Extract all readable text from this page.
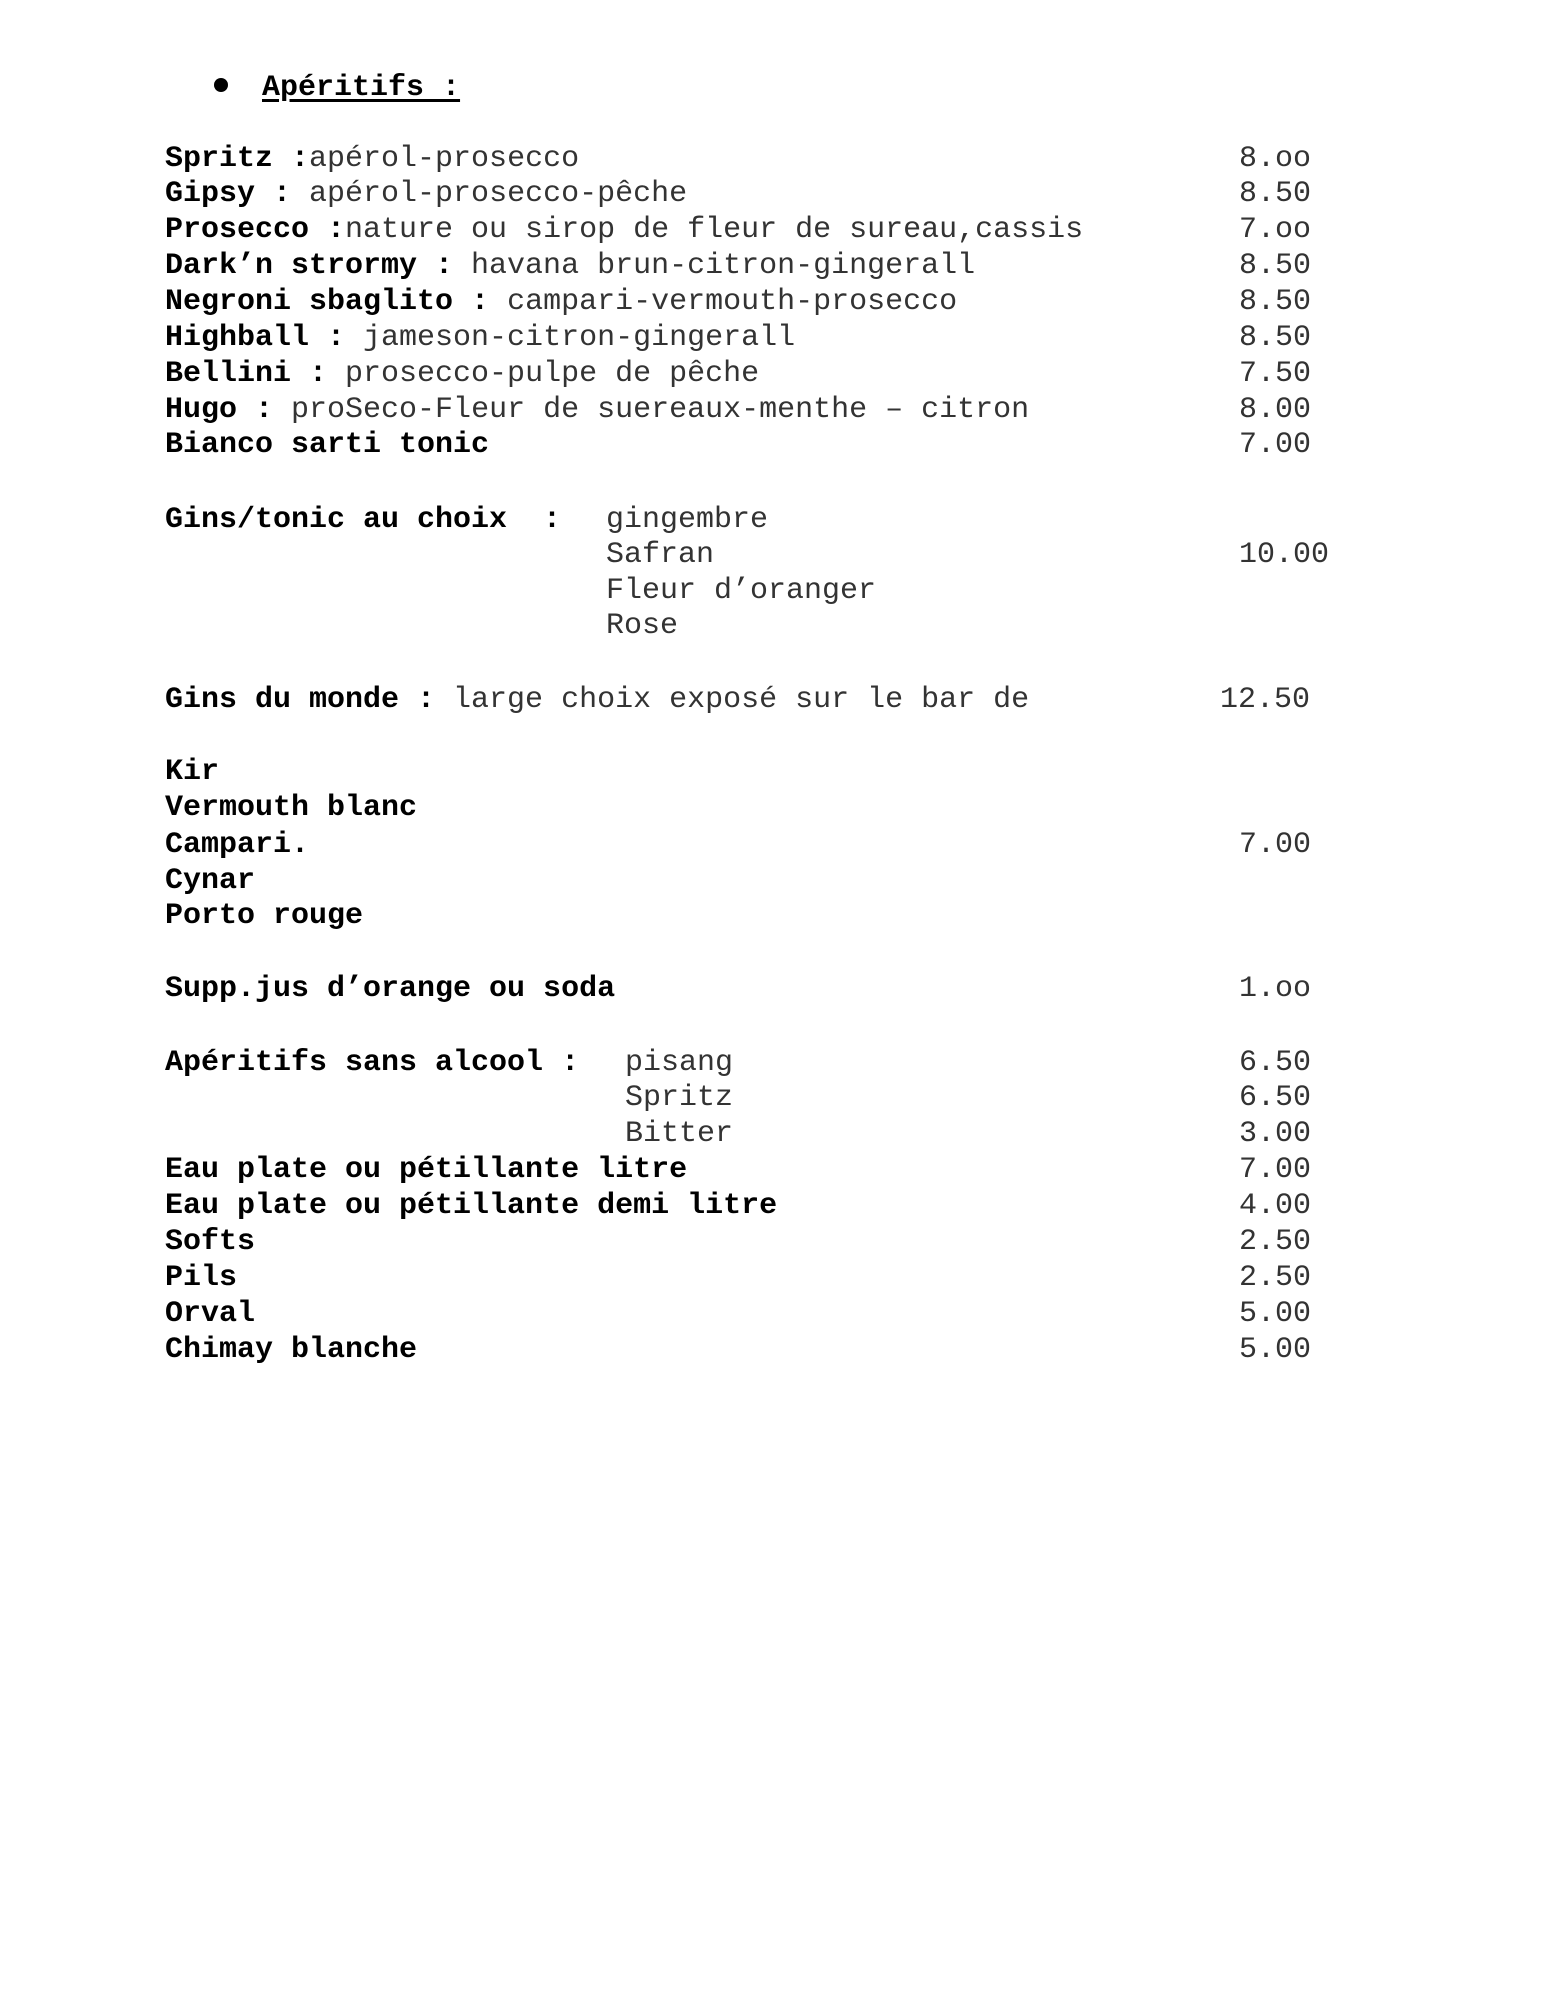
Apéritifs :
Spritz :apérol-prosecco	8.oo
Gipsy : apérol-prosecco-pêche	8.50
Prosecco :nature ou sirop de fleur de sureau,cassis	7.oo
Dark’n strormy : havana brun-citron-gingerall	8.50
Negroni sbaglito : campari-vermouth-prosecco	8.50
Highball : jameson-citron-gingerall	8.50
Bellini : prosecco-pulpe de pêche	7.50
Hugo : proSeco-Fleur de suereaux-menthe – citron	8.00
Bianco sarti tonic	7.00
Gins/tonic au choix  : gingembre
Safran	10.00
Fleur d’oranger
Rose
Gins du monde : large choix exposé sur le bar de	12.50
Kir
Vermouth blanc
Campari.	7.00
Cynar
Porto rouge
Supp.jus d’orange ou soda	1.oo
Apéritifs sans alcool : pisang	6.50
Spritz	6.50
Bitter	3.00
Eau plate ou pétillante litre	7.00
Eau plate ou pétillante demi litre	4.00
Softs	2.50
Pils	2.50
Orval	5.00
Chimay blanche	5.00
